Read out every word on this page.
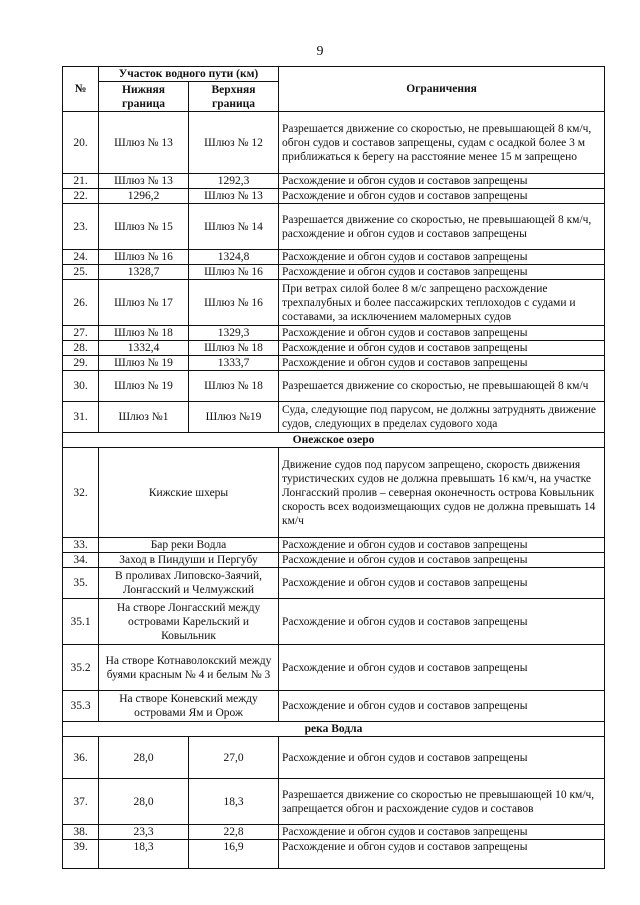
9
№	Участок водного пути (км)		Ограничения
	Нижняя граница	Верхняя граница	
20.	Шлюз № 13	Шлюз № 12	Разрешается движение со скоростью, не превышающей 8 км/ч, обгон судов и составов запрещены, судам с осадкой более 3 м приближаться к берегу на расстояние менее 15 м запрещено
21.	Шлюз № 13	1292,3	Расхождение и обгон судов и составов запрещены
22.	1296,2	Шлюз № 13	Расхождение и обгон судов и составов запрещены
23.	Шлюз № 15	Шлюз № 14	Разрешается движение со скоростью, не превышающей 8 км/ч, расхождение и обгон судов и составов запрещены
24.	Шлюз № 16	1324,8	Расхождение и обгон судов и составов запрещены
25.	1328,7	Шлюз № 16	Расхождение и обгон судов и составов запрещены
26.	Шлюз № 17	Шлюз № 16	При ветрах силой более 8 м/с запрещено расхождение трехпалубных и более пассажирских теплоходов с судами и составами, за исключением маломерных судов
27.	Шлюз № 18	1329,3	Расхождение и обгон судов и составов запрещены
28.	1332,4	Шлюз № 18	Расхождение и обгон судов и составов запрещены
29.	Шлюз № 19	1333,7	Расхождение и обгон судов и составов запрещены
30.	Шлюз № 19	Шлюз № 18	Разрешается движение со скоростью, не превышающей 8 км/ч
31.	Шлюз №1	Шлюз №19	Суда, следующие под парусом, не должны затруднять движение судов, следующих в пределах судового хода
Онежское озеро			
32.	Кижские шхеры		Движение судов под парусом запрещено, скорость движения туристических судов не должна превышать 16 км/ч, на участке Лонгасский пролив – северная оконечность острова Ковыльник скорость всех водоизмещающих судов не должна превышать 14 км/ч
33.	Бар реки Водла		Расхождение и обгон судов и составов запрещены
34.	Заход в Пиндуши и Пергубу		Расхождение и обгон судов и составов запрещены
35.	В проливах Липовско-Заячий, Лонгасский и Челмужский		Расхождение и обгон судов и составов запрещены
35.1	На створе Лонгасский между островами Карельский и Ковыльник		Расхождение и обгон судов и составов запрещены
35.2	На створе Котнаволокский между буями красным № 4 и белым № 3		Расхождение и обгон судов и составов запрещены
35.3	На створе Коневский между островами Ям и Орож		Расхождение и обгон судов и составов запрещены
река Водла			
36.	28,0	27,0	Расхождение и обгон судов и составов запрещены
37.	28,0	18,3	Разрешается движение со скоростью не превышающей 10 км/ч, запрещается обгон и расхождение судов и составов
38.	23,3	22,8	Расхождение и обгон судов и составов запрещены
39.	18,3	16,9	Расхождение и обгон судов и составов запрещены
